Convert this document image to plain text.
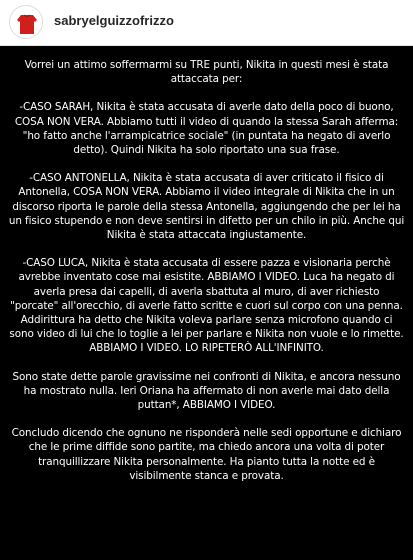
sabryelguizzofrizzo

Vorrei un attimo soffermarmi su TRE punti, Nikita in questi mesi è stata attaccata per:

-CASO SARAH, Nikita è stata accusata di averle dato della poco di buono, COSA NON VERA. Abbiamo tutti il video di quando la stessa Sarah afferma: "ho fatto anche l'arrampicatrice sociale" (in puntata ha negato di averlo detto). Quindi Nikita ha solo riportato una sua frase.

-CASO ANTONELLA, Nikita è stata accusata di aver criticato il fisico di Antonella, COSA NON VERA. Abbiamo il video integrale di Nikita che in un discorso riporta le parole della stessa Antonella, aggiungendo che per lei ha un fisico stupendo e non deve sentirsi in difetto per un chilo in più. Anche qui Nikita è stata attaccata ingiustamente.

-CASO LUCA, Nikita è stata accusata di essere pazza e visionaria perchè avrebbe inventato cose mai esistite. ABBIAMO I VIDEO. Luca ha negato di averla presa dai capelli, di averla sbattuta al muro, di aver richiesto "porcate" all'orecchio, di averle fatto scritte e cuori sul corpo con una penna. Addirittura ha detto che Nikita voleva parlare senza microfono quando ci sono video di lui che lo toglie a lei per parlare e Nikita non vuole e lo rimette. ABBIAMO I VIDEO. LO RIPETERÒ ALL'INFINITO.

Sono state dette parole gravissime nei confronti di Nikita, e ancora nessuno ha mostrato nulla. Ieri Oriana ha affermato di non averle mai dato della puttan*, ABBIAMO I VIDEO.

Concludo dicendo che ognuno ne risponderà nelle sedi opportune e dichiaro che le prime diffide sono partite, ma chiedo ancora una volta di poter tranquillizzare Nikita personalmente. Ha pianto tutta la notte ed è visibilmente stanca e provata.
